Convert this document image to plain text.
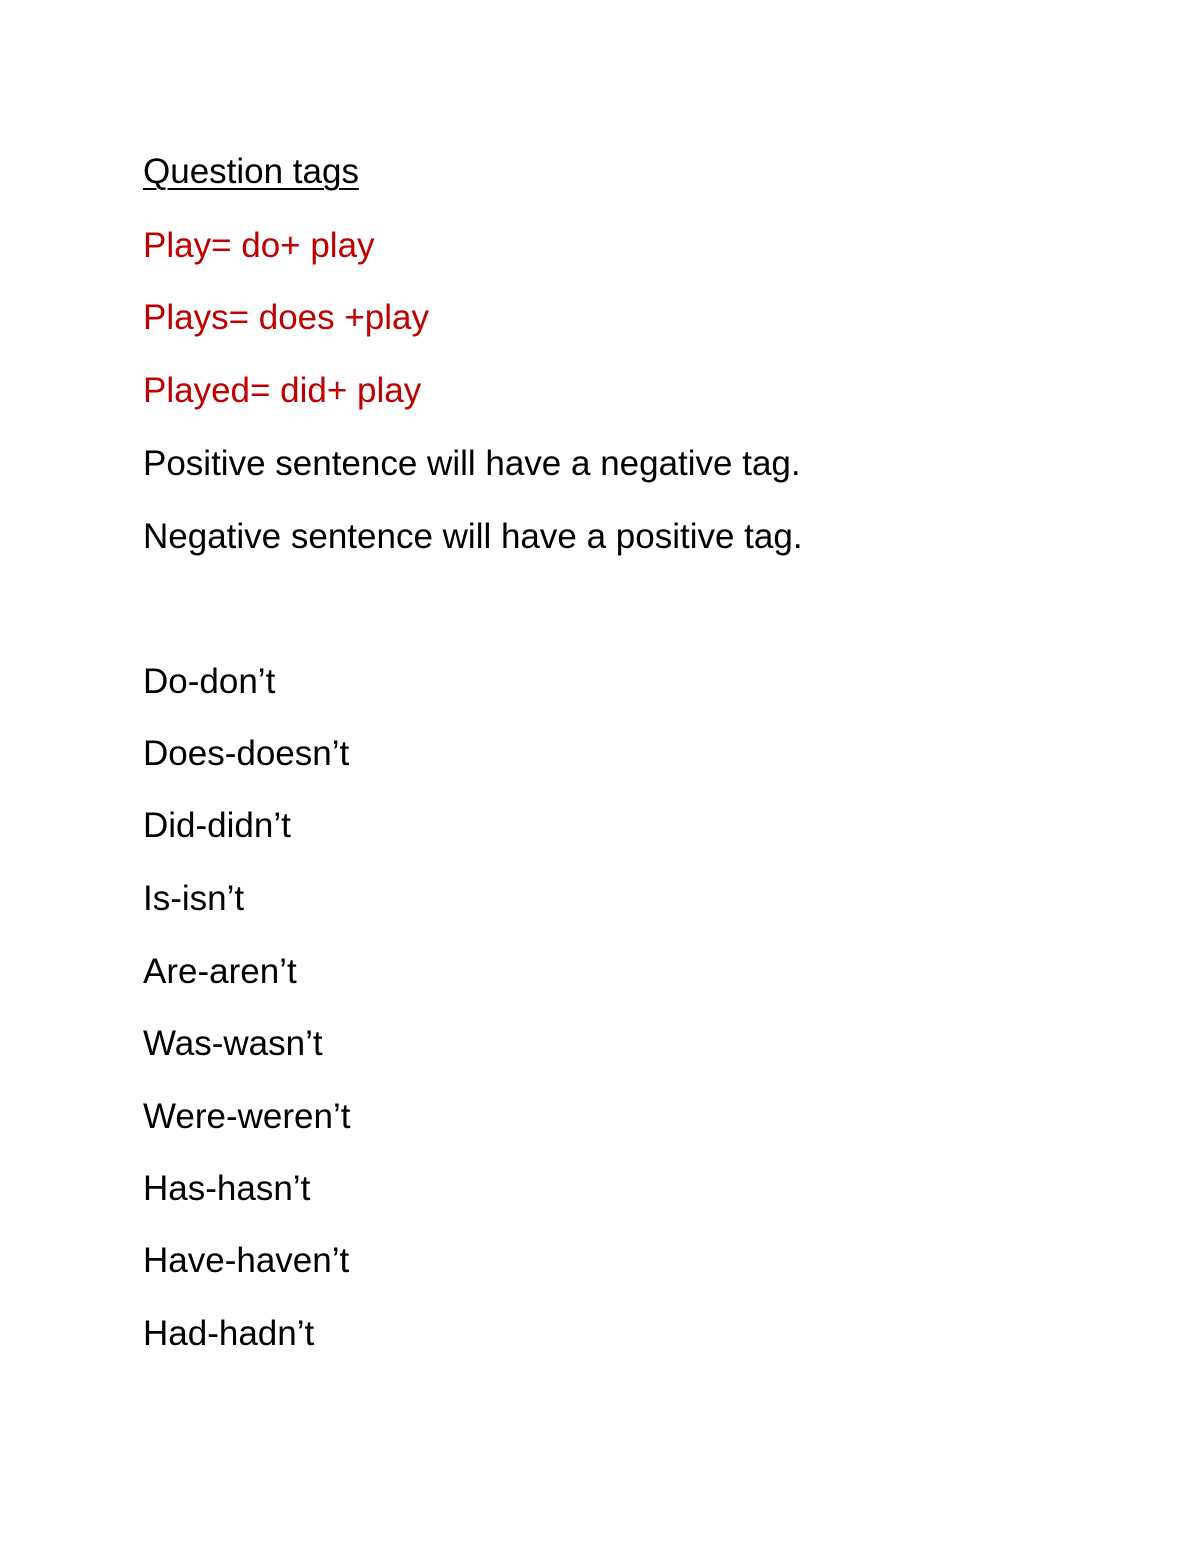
Question tags

Play= do+ play

Plays= does +play

Played= did+ play

Positive sentence will have a negative tag.

Negative sentence will have a positive tag.

Do-don’t

Does-doesn’t

Did-didn’t

Is-isn’t

Are-aren’t

Was-wasn’t

Were-weren’t

Has-hasn’t

Have-haven’t

Had-hadn’t
